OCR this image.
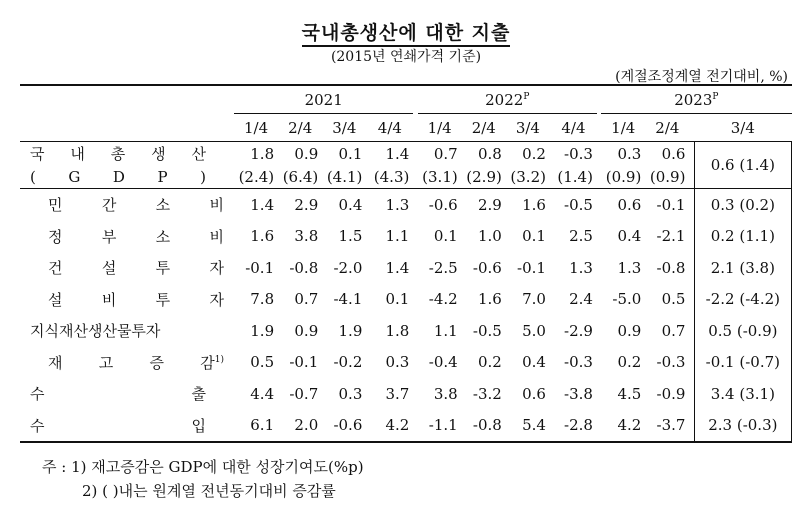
국내총생산에 대한 지출
(2015년 연쇄가격 기준)
(계절조정계열 전기대비, %)
	2021					$2022^P$					$2023^P$
	1/4	2/4	3/4	4/4		1/4	2/4	3/4	4/4		1/4	2/4		3/4

국 내 총 생 산	1.8	0.9	0.1	1.4		0.7	0.8	0.2	-0.3		0.3	0.6		0.6 (1.4)

( G D P )	(2.4)	(6.4)	(4.1)	(4.3)		(3.1)	(2.9)	(3.2)	(1.4)		(0.9)	(0.9)		

민 간 소 비	1.4	2.9	0.4	1.3		-0.6	2.9	1.6	-0.5		0.6	-0.1		0.3 (0.2)

정 부 소 비	1.6	3.8	1.5	1.1		0.1	1.0	0.1	2.5		0.4	-2.1		0.2 (1.1)

건 설 투 자	-0.1	-0.8	-2.0	1.4		-2.5	-0.6	-0.1	1.3		1.3	-0.8		2.1 (3.8)

설 비 투 자	7.8	0.7	-4.1	0.1		-4.2	1.6	7.0	2.4		-5.0	0.5		-2.2 (-4.2)

지식재산생산물투자	1.9	0.9	1.9	1.8		1.1	-0.5	5.0	-2.9		0.9	0.7		0.5 (-0.9)

재 고 증 감$^{1)}$	0.5	-0.1	-0.2	0.3		-0.4	0.2	0.4	-0.3		0.2	-0.3		-0.1 (-0.7)

수 출	4.4	-0.7	0.3	3.7		3.8	-3.2	0.6	-3.8		4.5	-0.9		3.4 (3.1)

수 입	6.1	2.0	-0.6	4.2		-1.1	-0.8	5.4	-2.8		4.2	-3.7		2.3 (-0.3)
주 : 1) 재고증감은 GDP에 대한 성장기여도(%p)
2) ( )내는 원계열 전년동기대비 증감률
